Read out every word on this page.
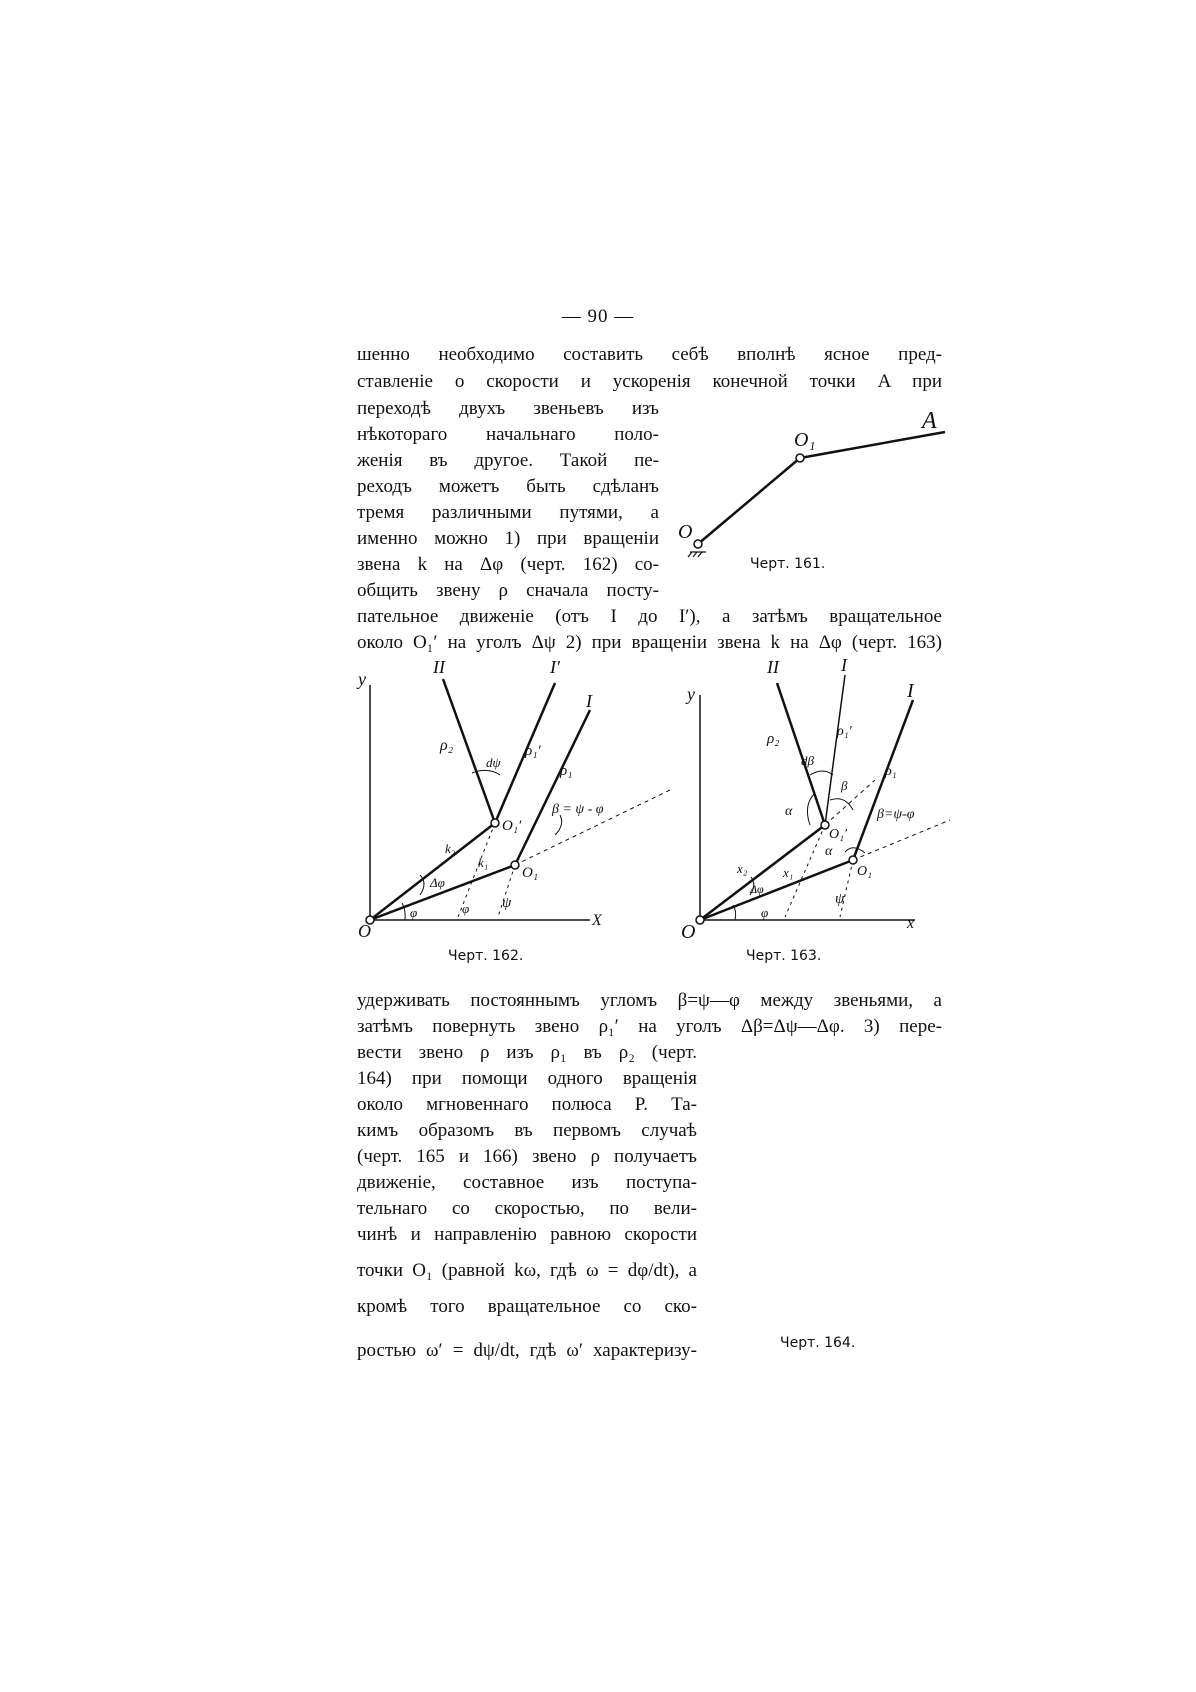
— 90 —
шенно необходимо составить себѣ вполнѣ ясное пред-
ставленіе о скорости и ускоренія конечной точки A при
переходѣ двухъ звеньевъ изъ
нѣкотораго начальнаго поло-
женія въ другое. Такой пе-
реходъ можетъ быть сдѣланъ
тремя различными путями, а
именно можно 1) при вращеніи
звена k на Δφ (черт. 162) со-
общить звену ρ сначала посту-
пательное движеніе (отъ I до I′), а затѣмъ вращательное
около O₁′ на уголъ Δψ 2) при вращеніи звена k на Δφ (черт. 163)
O
O₁
A
Черт. 161.
y
X
O
II	I′
I
ρ₂	ρ₁′
ρ₁
dψ
O₁′
O₁
k₂
k₁
Δφ
φ	φ ψ
β = ψ - φ
Черт. 162.
y
x
O
II	I
I
ρ₂	ρ₁′
ρ₁
dβ
β
α
α
O₁′
O₁
x₂	x₁
Δφ
φ
ψ
β=ψ-φ
Черт. 163.
удерживать постояннымъ угломъ β=ψ—φ между звеньями, а
затѣмъ повернуть звено ρ₁′ на уголъ Δβ=Δψ—Δφ. 3) пере-
вести звено ρ изъ ρ₁ въ ρ₂ (черт.
164) при помощи одного вращенія
около мгновеннаго полюса P. Та-
кимъ образомъ въ первомъ случаѣ
(черт. 165 и 166) звено ρ получаетъ
движеніе, составное изъ поступа-
тельнаго со скоростью, по вели-
чинѣ и направленію равною скорости
точки O₁ (равной kω, гдѣ ω = dφ/dt), а
кромѣ того вращательное со ско-
ростью ω′ = dψ/dt, гдѣ ω′ характеризу-	Черт. 164.
